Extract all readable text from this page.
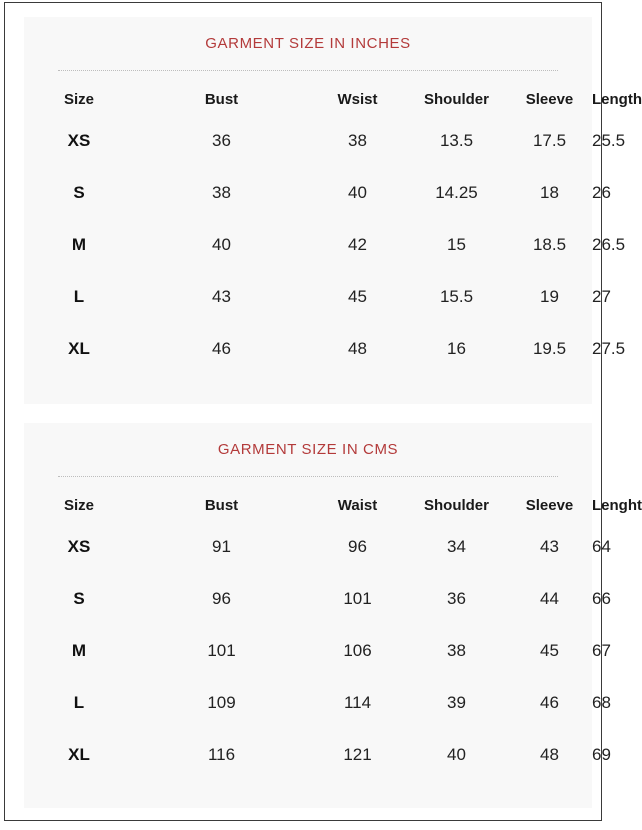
GARMENT SIZE IN INCHES
Size	Bust	Wsist	Shoulder	Sleeve	Length
XS	36	38	13.5	17.5	25.5
S	38	40	14.25	18	26
M	40	42	15	18.5	26.5
L	43	45	15.5	19	27
XL	46	48	16	19.5	27.5
GARMENT SIZE IN CMS
Size	Bust	Waist	Shoulder	Sleeve	Lenght
XS	91	96	34	43	64
S	96	101	36	44	66
M	101	106	38	45	67
L	109	114	39	46	68
XL	116	121	40	48	69
